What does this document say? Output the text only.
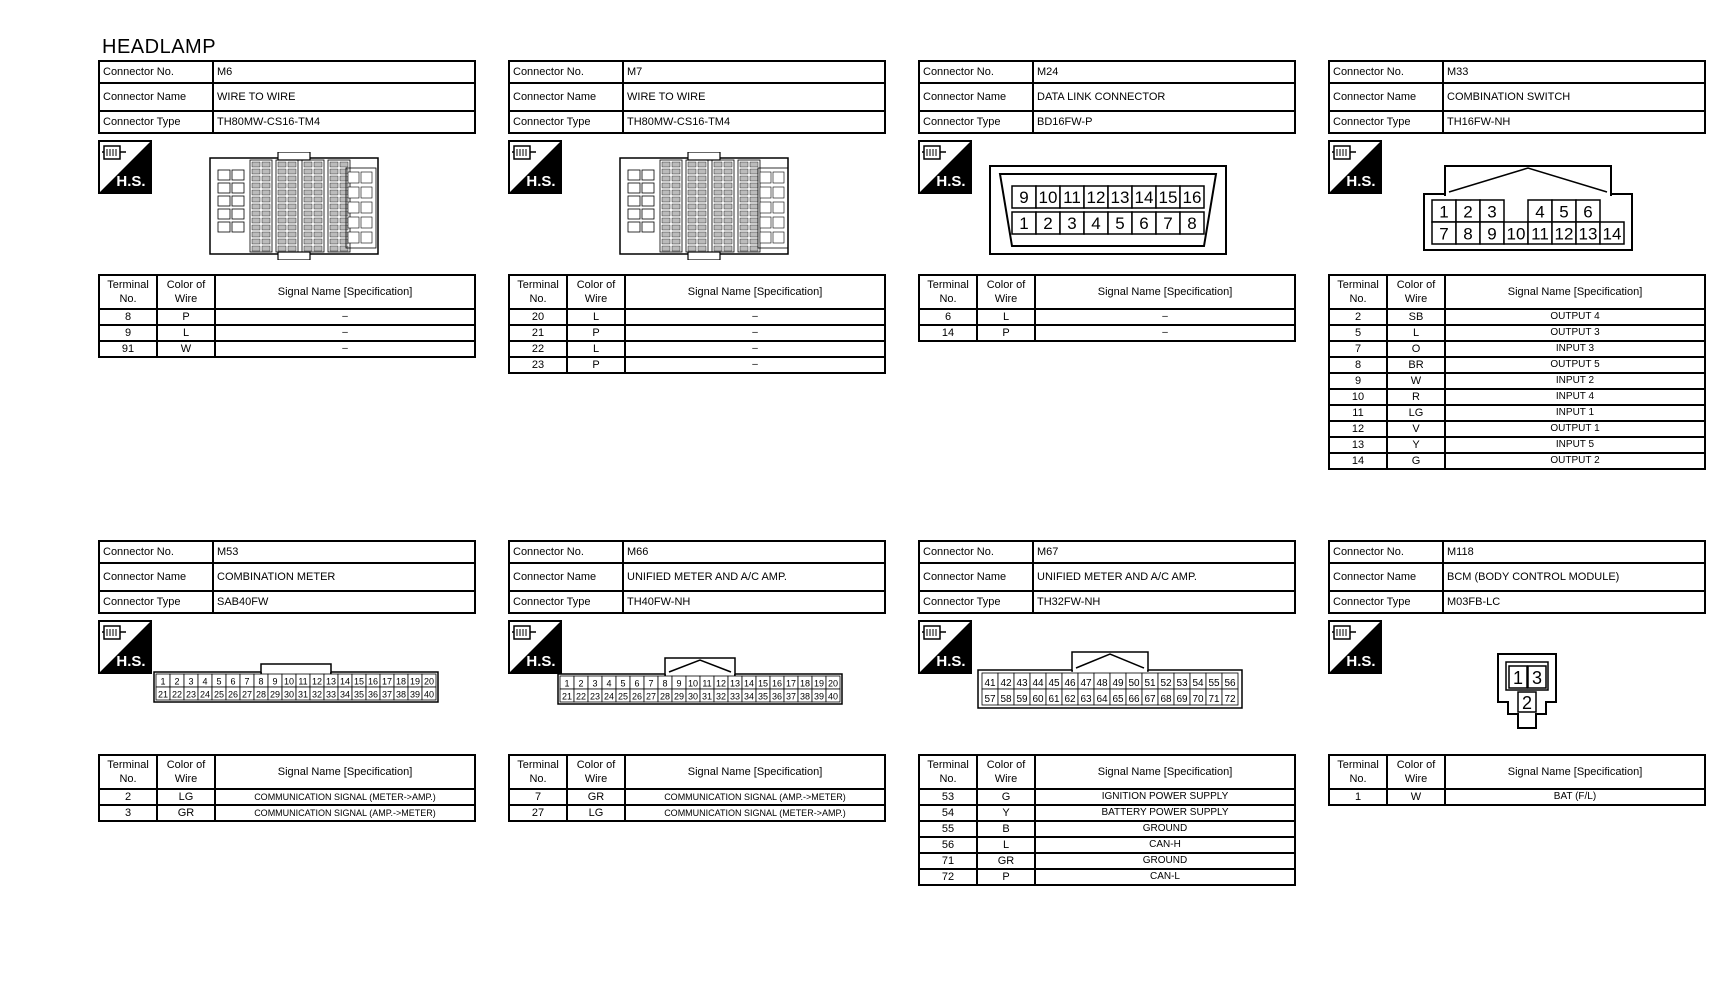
HEADLAMP
Connector No.	M6
Connector Name	WIRE TO WIRE
Connector Type	TH80MW-CS16-TM4
H.S.
Terminal No.	Color of Wire	Signal Name [Specification]
8	P	–
9	L	–
91	W	–
Connector No.	M7
Connector Name	WIRE TO WIRE
Connector Type	TH80MW-CS16-TM4
H.S.
Terminal No.	Color of Wire	Signal Name [Specification]
20	L	–
21	P	–
22	L	–
23	P	–
Connector No.	M24
Connector Name	DATA LINK CONNECTOR
Connector Type	BD16FW-P
H.S.
9 10 11 12 13 14 15 16
1 2 3 4 5 6 7 8
Terminal No.	Color of Wire	Signal Name [Specification]
6	L	–
14	P	–
Connector No.	M33
Connector Name	COMBINATION SWITCH
Connector Type	TH16FW-NH
H.S.
1 2 3 4 5 6
7 8 9 10 11 12 13 14
Terminal No.	Color of Wire	Signal Name [Specification]
2	SB	OUTPUT 4
5	L	OUTPUT 3
7	O	INPUT 3
8	BR	OUTPUT 5
9	W	INPUT 2
10	R	INPUT 4
11	LG	INPUT 1
12	V	OUTPUT 1
13	Y	INPUT 5
14	G	OUTPUT 2
Connector No.	M53
Connector Name	COMBINATION METER
Connector Type	SAB40FW
H.S.
1 2 3 4 5 6 7 8 9 10 11 12 13 14 15 16 17 18 19 20
21 22 23 24 25 26 27 28 29 30 31 32 33 34 35 36 37 38 39 40
Terminal No.	Color of Wire	Signal Name [Specification]
2	LG	COMMUNICATION SIGNAL (METER->AMP.)
3	GR	COMMUNICATION SIGNAL (AMP.->METER)
Connector No.	M66
Connector Name	UNIFIED METER AND A/C AMP.
Connector Type	TH40FW-NH
H.S.
1 2 3 4 5 6 7 8 9 10 11 12 13 14 15 16 17 18 19 20
21 22 23 24 25 26 27 28 29 30 31 32 33 34 35 36 37 38 39 40
Terminal No.	Color of Wire	Signal Name [Specification]
7	GR	COMMUNICATION SIGNAL (AMP.->METER)
27	LG	COMMUNICATION SIGNAL (METER->AMP.)
Connector No.	M67
Connector Name	UNIFIED METER AND A/C AMP.
Connector Type	TH32FW-NH
H.S.
41 42 43 44 45 46 47 48 49 50 51 52 53 54 55 56
57 58 59 60 61 62 63 64 65 66 67 68 69 70 71 72
Terminal No.	Color of Wire	Signal Name [Specification]
53	G	IGNITION POWER SUPPLY
54	Y	BATTERY POWER SUPPLY
55	B	GROUND
56	L	CAN-H
71	GR	GROUND
72	P	CAN-L
Connector No.	M118
Connector Name	BCM (BODY CONTROL MODULE)
Connector Type	M03FB-LC
H.S.
1 3
2
Terminal No.	Color of Wire	Signal Name [Specification]
1	W	BAT (F/L)
